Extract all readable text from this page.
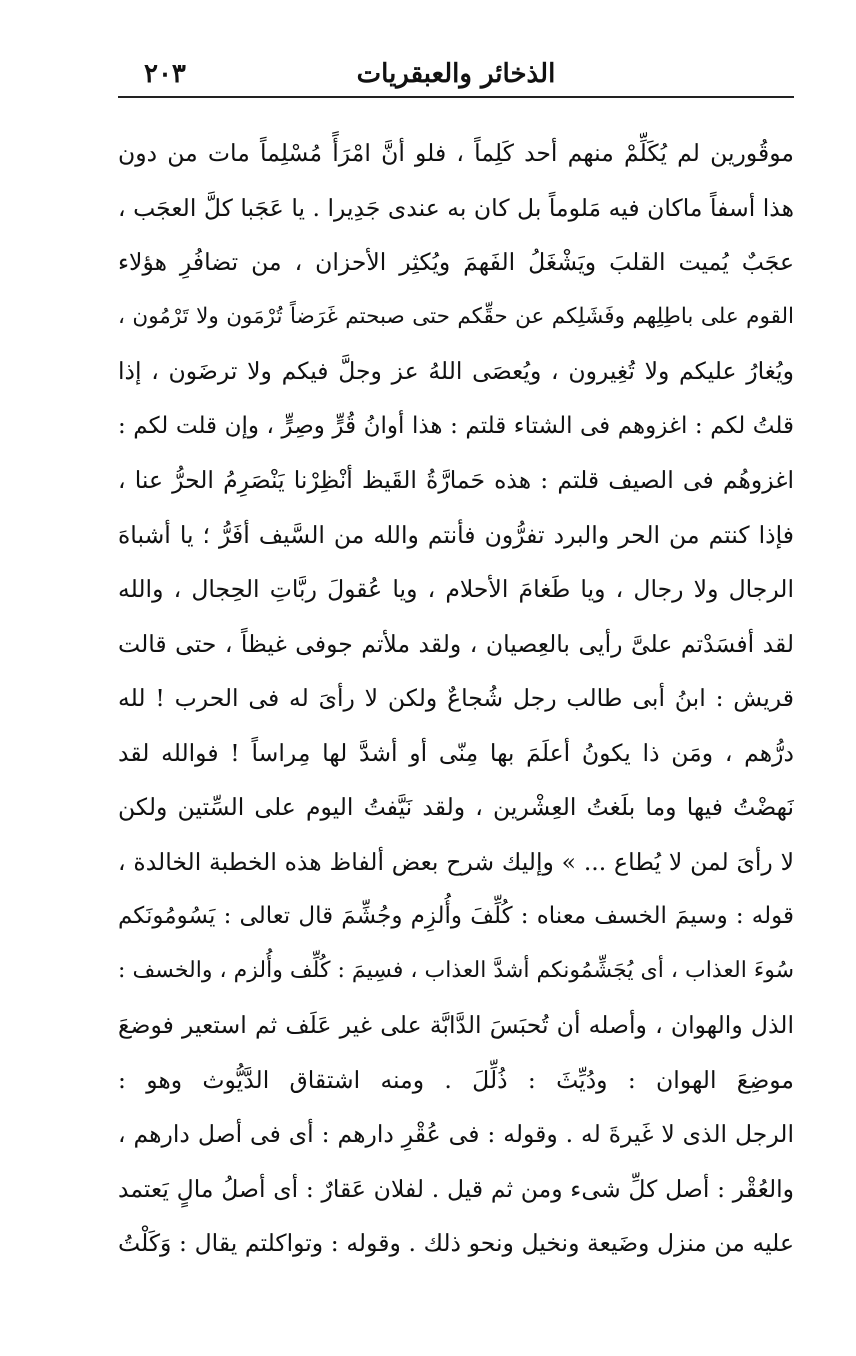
الذخائر والعبقريات
٢٠٣
موقُورين لم يُكَلِّمْ منهم أحد كَلِماً ، فلو أنَّ امْرَأً مُسْلِماً مات من دون
هذا أسفاً ماكان فيه مَلوماً بل كان به عندى جَدِيرا . يا عَجَبا كلَّ العجَب ،
عجَبٌ يُميت القلبَ ويَشْغَلُ الفَهمَ ويُكثِر الأحزان ، من تضافُرِ هؤلاء
القوم على باطِلِهم وفَشَلِكم عن حقِّكم حتى صبحتم غَرَضاً تُرْمَون ولا تَرْمُون ،
ويُغارُ عليكم ولا تُغِيرون ، ويُعصَى اللهُ عز وجلَّ فيكم ولا ترضَون ، إذا
قلتُ لكم : اغزوهم فى الشتاء قلتم : هذا أوانُ قُرٍّ وصِرٍّ ، وإن قلت لكم :
اغزوهُم فى الصيف قلتم : هذه حَمارَّةُ القَيظ أنْظِرْنا يَنْصَرِمُ الحرُّ عنا ،
فإذا كنتم من الحر والبرد تفرُّون فأنتم والله من السَّيف أفَرُّ ؛ يا أشباهَ
الرجال ولا رجال ، ويا طَغامَ الأحلام ، ويا عُقولَ ربَّاتِ الحِجال ، والله
لقد أفسَدْتم علىَّ رأيى بالعِصيان ، ولقد ملأتم جوفى غيظاً ، حتى قالت
قريش : ابنُ أبى طالب رجل شُجاعٌ ولكن لا رأىَ له فى الحرب ! لله
درُّهم ، ومَن ذا يكونُ أعلَمَ بها مِنّى أو أشدَّ لها مِراساً ! فوالله لقد
نَهضْتُ فيها وما بلَغتُ العِشْرين ، ولقد نَيَّفتُ اليوم على السِّتين ولكن
لا رأىَ لمن لا يُطاع ... » وإليك شرح بعض ألفاظ هذه الخطبة الخالدة ،
قوله : وسيمَ الخسف معناه : كُلِّفَ وأُلزِم وجُشِّمَ قال تعالى : يَسُومُونَكم
سُوءَ العذاب ، أى يُجَشِّمُونكم أشدَّ العذاب ، فسِيمَ : كُلِّف وأُلزم ، والخسف :
الذل والهوان ، وأصله أن تُحبَسَ الدَّابَّة على غير عَلَف ثم استعير فوضعَ
موضِعَ الهوان : ودُيِّثَ : ذُلِّلَ . ومنه اشتقاق الدَّيُّوث وهو :
الرجل الذى لا غَيرةَ له . وقوله : فى عُقْرِ دارهم : أى فى أصل دارهم ،
والعُقْر : أصل كلِّ شىء ومن ثم قيل . لفلان عَقارٌ : أى أصلُ مالٍ يَعتمد
عليه من منزل وضَيعة ونخيل ونحو ذلك . وقوله : وتواكلتم يقال : وَكَلْتُ
